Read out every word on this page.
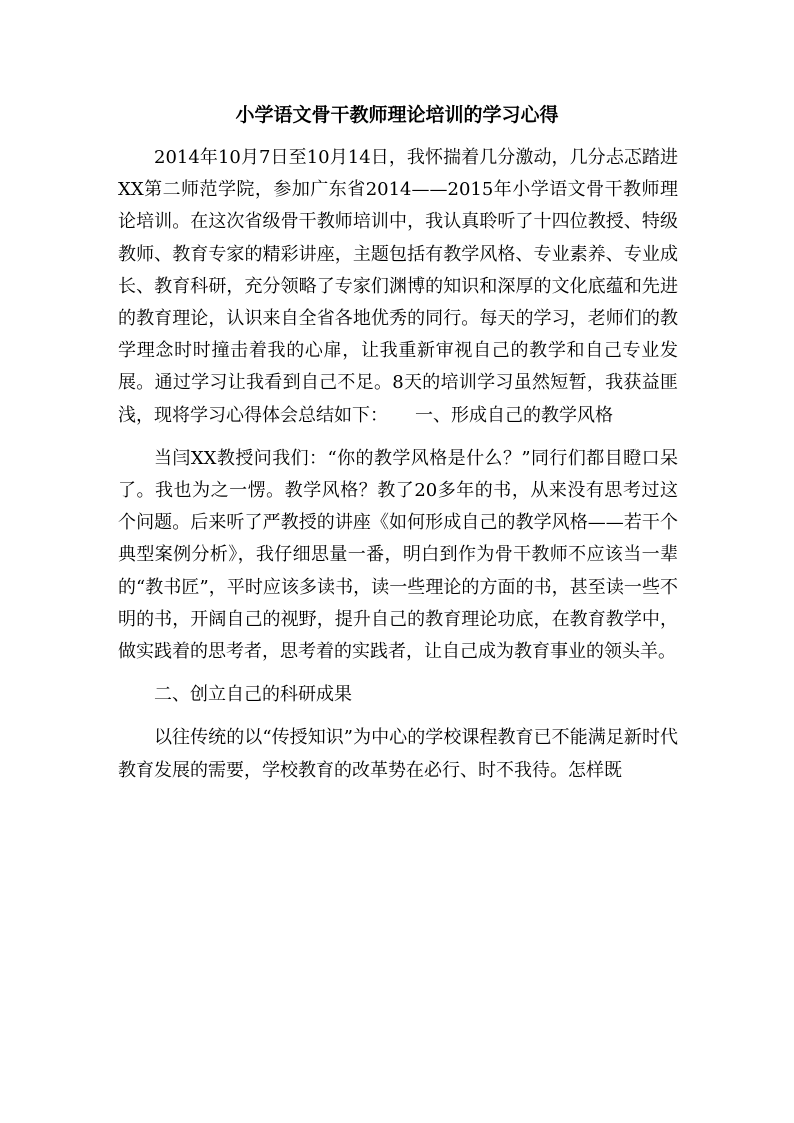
小学语文骨干教师理论培训的学习心得

2014年10月7日至10月14日，我怀揣着几分激动，几分忐忑踏进XX第二师范学院，参加广东省2014——2015年小学语文骨干教师理论培训。在这次省级骨干教师培训中，我认真聆听了十四位教授、特级教师、教育专家的精彩讲座，主题包括有教学风格、专业素养、专业成长、教育科研，充分领略了专家们渊博的知识和深厚的文化底蕴和先进的教育理论，认识来自全省各地优秀的同行。每天的学习，老师们的教学理念时时撞击着我的心扉，让我重新审视自己的教学和自己专业发展。通过学习让我看到自己不足。8天的培训学习虽然短暂，我获益匪浅，现将学习心得体会总结如下：　　一、形成自己的教学风格

当闫XX教授问我们：“你的教学风格是什么？”同行们都目瞪口呆了。我也为之一愣。教学风格？教了20多年的书，从来没有思考过这个问题。后来听了严教授的讲座《如何形成自己的教学风格——若干个典型案例分析》，我仔细思量一番，明白到作为骨干教师不应该当一辈的“教书匠”，平时应该多读书，读一些理论的方面的书，甚至读一些不明的书，开阔自己的视野，提升自己的教育理论功底，在教育教学中，做实践着的思考者，思考着的实践者，让自己成为教育事业的领头羊。

二、创立自己的科研成果

以往传统的以“传授知识”为中心的学校课程教育已不能满足新时代教育发展的需要，学校教育的改革势在必行、时不我待。怎样既
